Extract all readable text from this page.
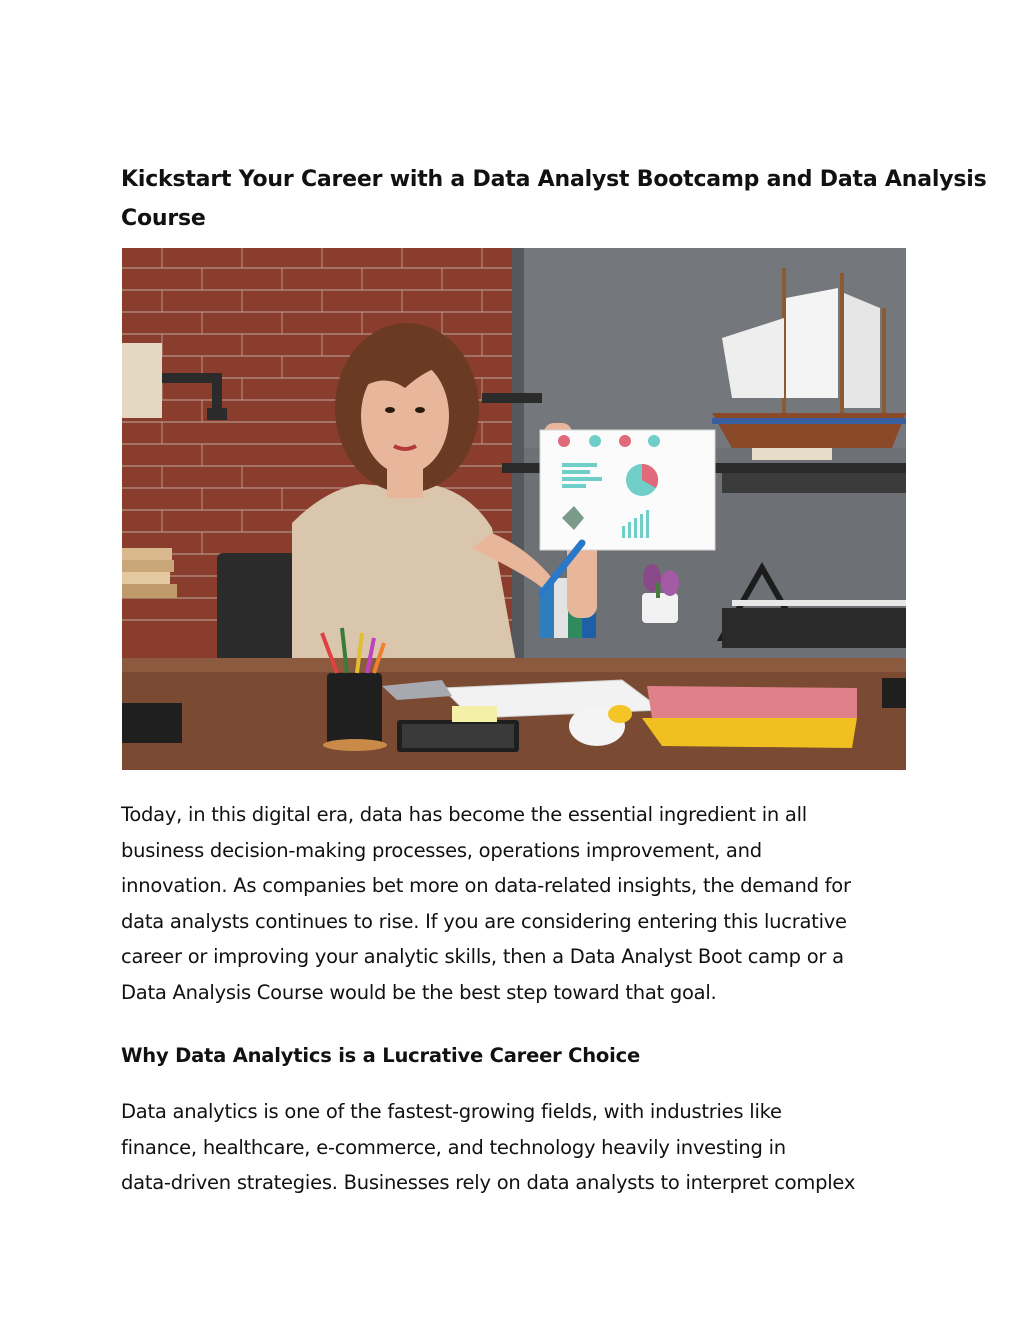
Kickstart Your Career with a Data Analyst Bootcamp and Data Analysis
Course

Today, in this digital era, data has become the essential ingredient in all
business decision-making processes, operations improvement, and
innovation. As companies bet more on data-related insights, the demand for
data analysts continues to rise. If you are considering entering this lucrative
career or improving your analytic skills, then a Data Analyst Boot camp or a
Data Analysis Course would be the best step toward that goal.

Why Data Analytics is a Lucrative Career Choice

Data analytics is one of the fastest-growing fields, with industries like
finance, healthcare, e-commerce, and technology heavily investing in
data-driven strategies. Businesses rely on data analysts to interpret complex
